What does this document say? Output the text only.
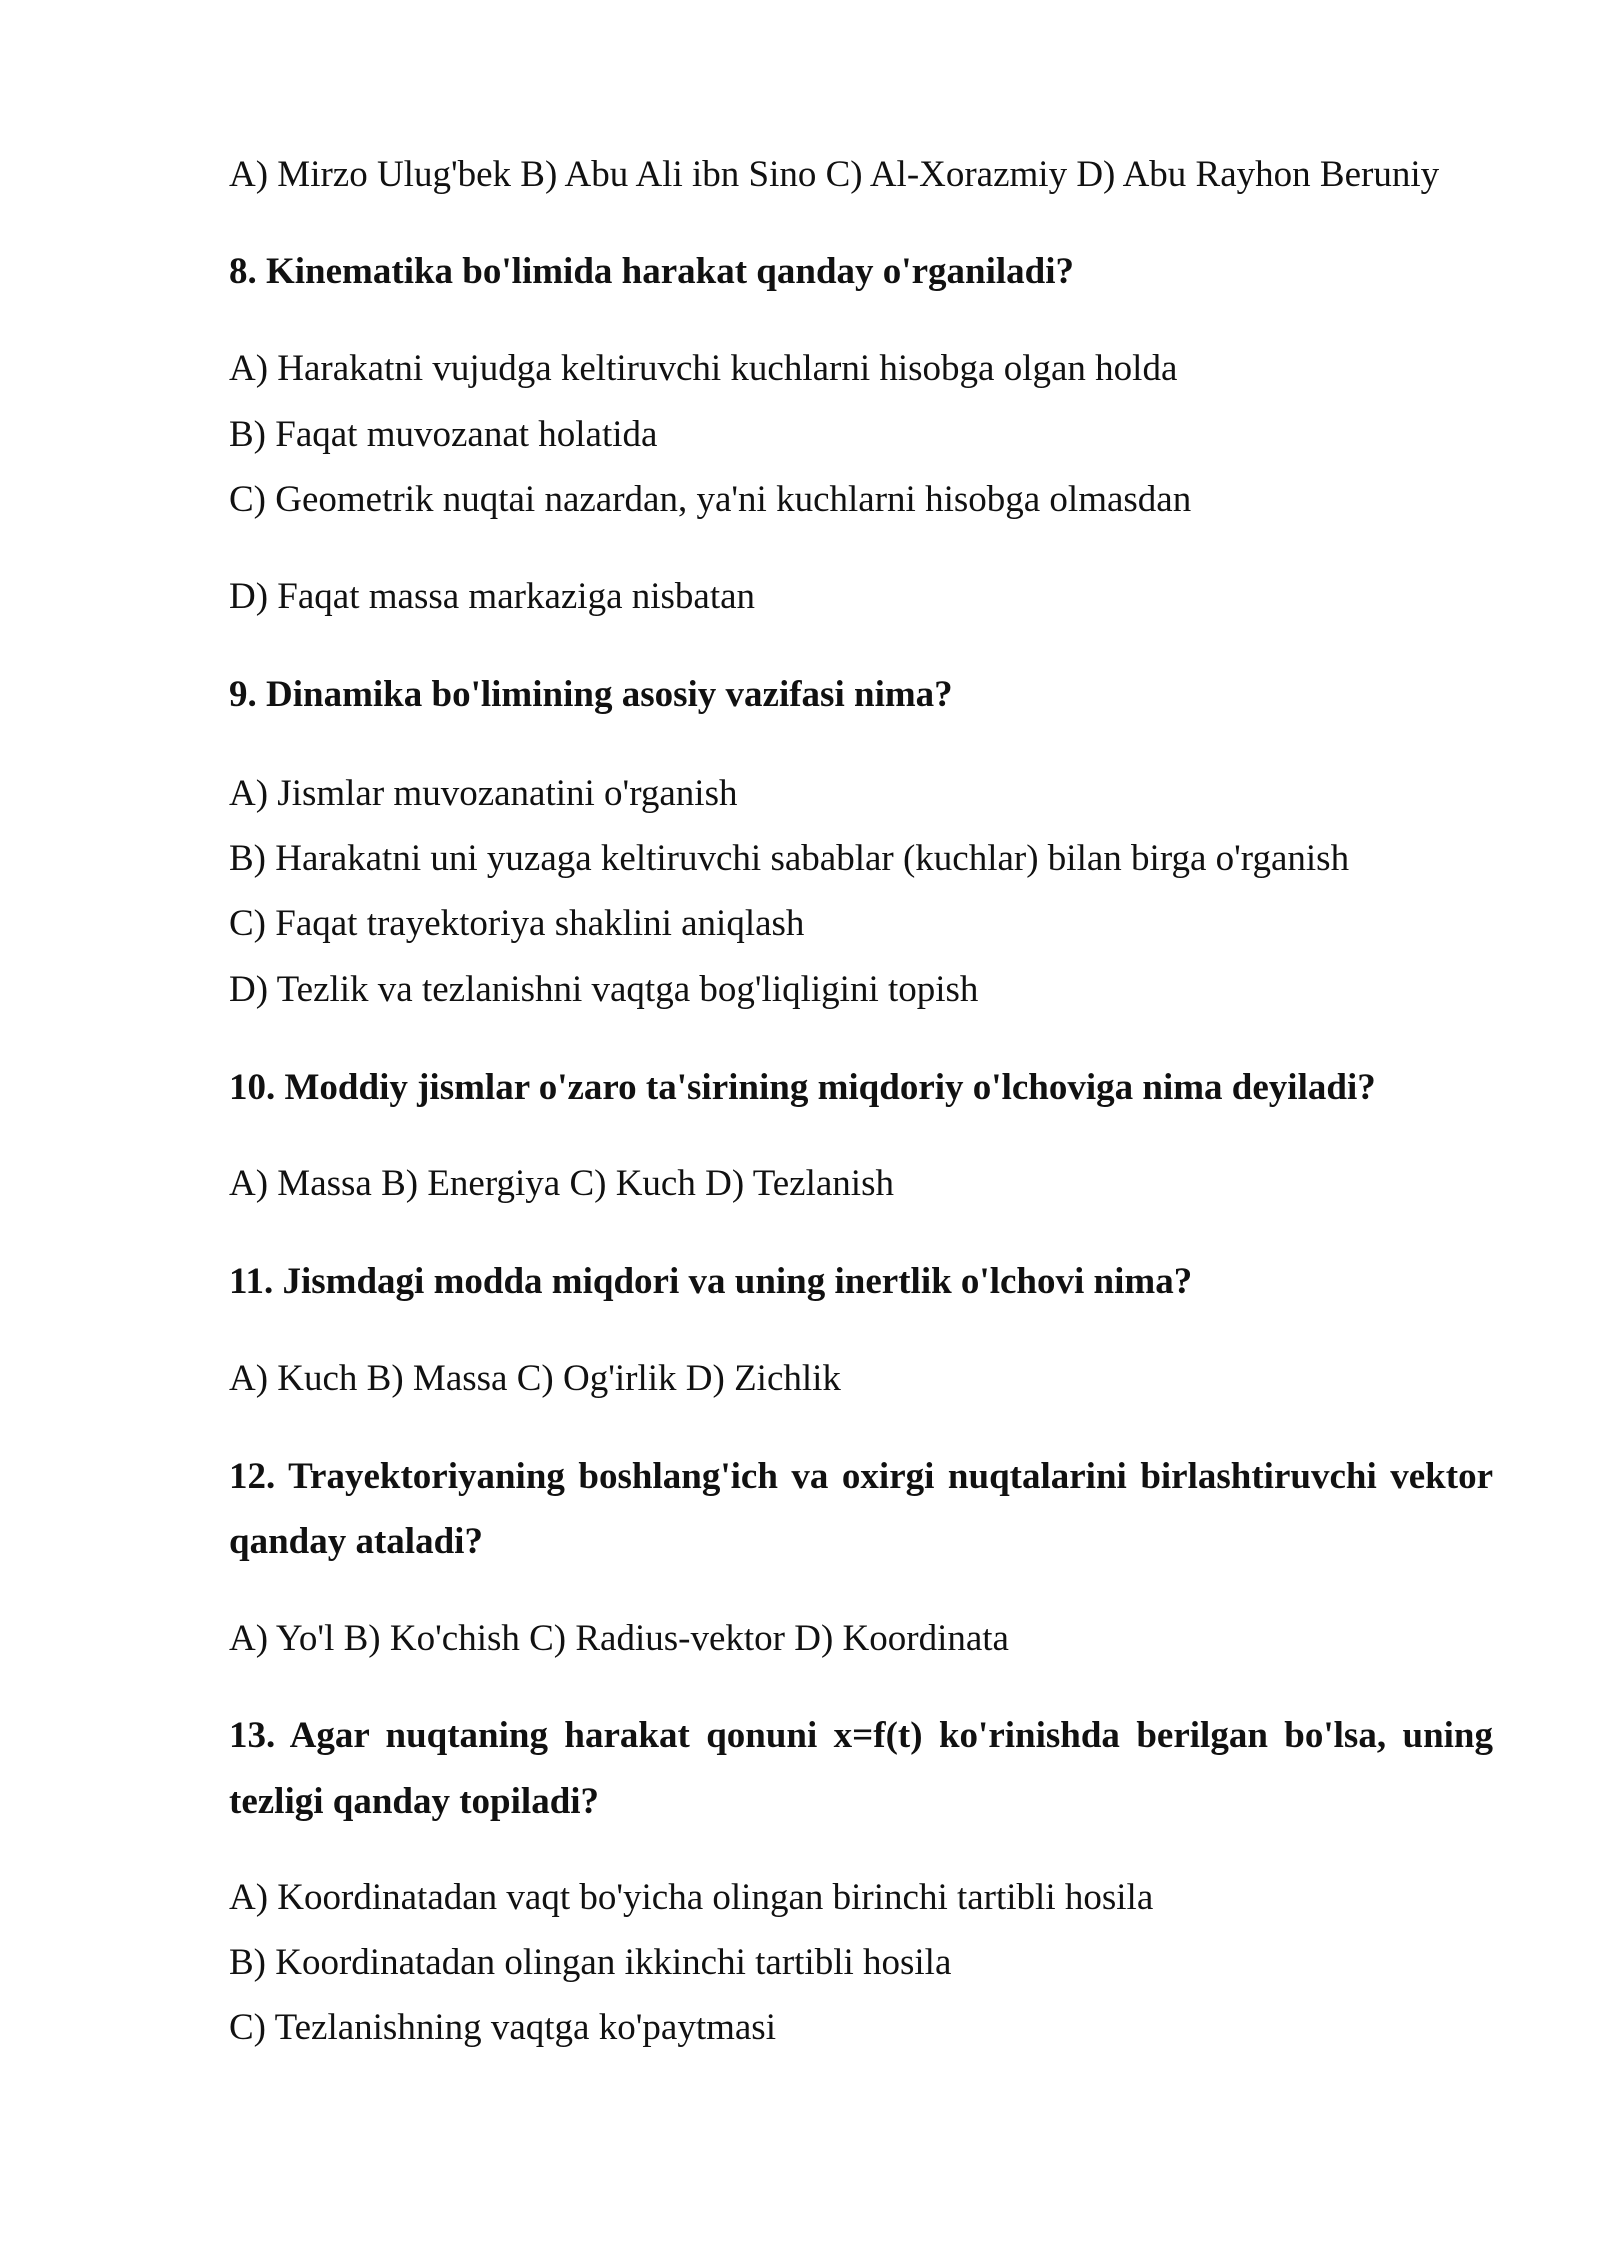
A) Mirzo Ulug'bek B) Abu Ali ibn Sino C) Al-Xorazmiy D) Abu Rayhon Beruniy
8. Kinematika bo'limida harakat qanday o'rganiladi?
A) Harakatni vujudga keltiruvchi kuchlarni hisobga olgan holda
B) Faqat muvozanat holatida
C) Geometrik nuqtai nazardan, ya'ni kuchlarni hisobga olmasdan
D) Faqat massa markaziga nisbatan
9. Dinamika bo'limining asosiy vazifasi nima?
A) Jismlar muvozanatini o'rganish
B) Harakatni uni yuzaga keltiruvchi sabablar (kuchlar) bilan birga o'rganish
C) Faqat trayektoriya shaklini aniqlash
D) Tezlik va tezlanishni vaqtga bog'liqligini topish
10. Moddiy jismlar o'zaro ta'sirining miqdoriy o'lchoviga nima deyiladi?
A) Massa B) Energiya C) Kuch D) Tezlanish
11. Jismdagi modda miqdori va uning inertlik o'lchovi nima?
A) Kuch B) Massa C) Og'irlik D) Zichlik
12. Trayektoriyaning boshlang'ich va oxirgi nuqtalarini birlashtiruvchi vektor
qanday ataladi?
A) Yo'l B) Ko'chish C) Radius-vektor D) Koordinata
13. Agar nuqtaning harakat qonuni x=f(t) ko'rinishda berilgan bo'lsa, uning
tezligi qanday topiladi?
A) Koordinatadan vaqt bo'yicha olingan birinchi tartibli hosila
B) Koordinatadan olingan ikkinchi tartibli hosila
C) Tezlanishning vaqtga ko'paytmasi
